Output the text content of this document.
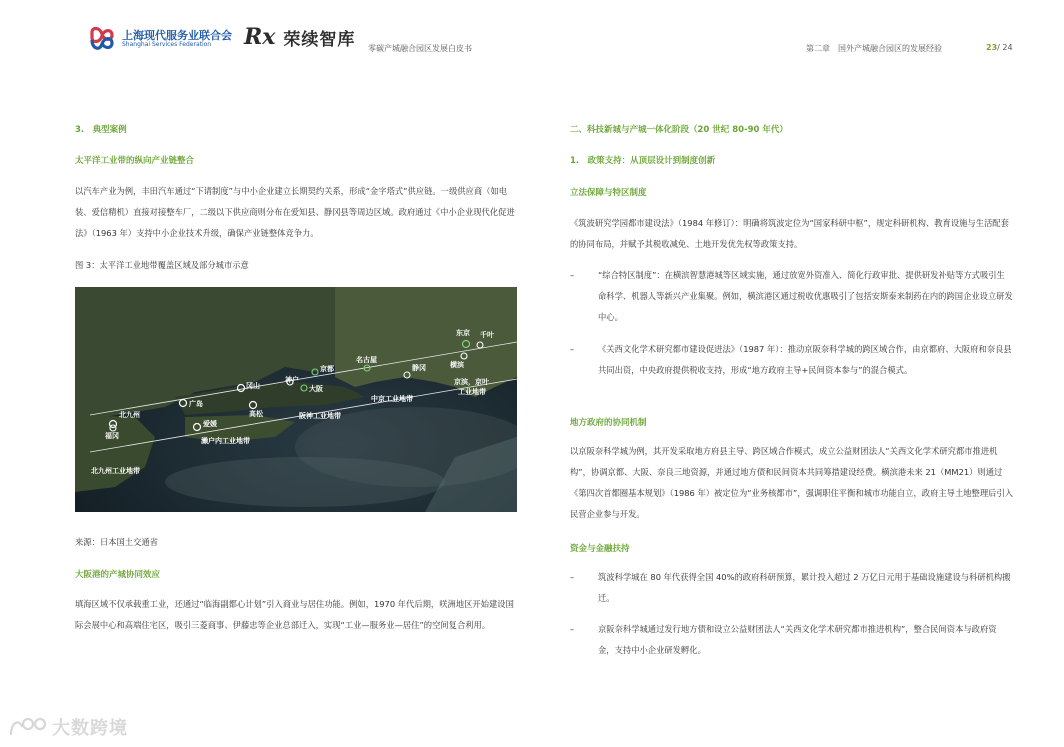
上海现代服务业联合会
Shanghai Services Federation	Rx 荣续智库 零碳产城融合园区发展白皮书	第二章　国外产城融合园区的发展经验	23/ 24

3.　典型案例

太平洋工业带的纵向产业链整合

以汽车产业为例，丰田汽车通过“下请制度”与中小企业建立长期契约关系，形成“金字塔式”供应链。一级供应商（如电装、爱信精机）直接对接整车厂，二级以下供应商则分布在爱知县、静冈县等周边区域。政府通过《中小企业现代化促进法》（1963 年）支持中小企业技术升级，确保产业链整体竞争力。

图 3：太平洋工业地带覆盖区域及部分城市示意

东京 千叶
横滨
名古屋
京都	静冈
神户
大阪
冈山
广岛
高松
爱媛
北九州
福冈
京滨，京叶
工业地带
中京工业地带
阪神工业地带
濑户内工业地带
北九州工业地带

来源：日本国土交通省

大阪港的产城协同效应

填海区域不仅承载重工业，还通过“临海副都心计划”引入商业与居住功能。例如，1970 年代后期，咲洲地区开始建设国际会展中心和高端住宅区，吸引三菱商事、伊藤忠等企业总部迁入，实现“工业—服务业—居住”的空间复合利用。

二、科技新城与产城一体化阶段（20 世纪 80-90 年代）

1.　政策支持：从顶层设计到制度创新

立法保障与特区制度

《筑波研究学园都市建设法》（1984 年修订）：明确将筑波定位为“国家科研中枢”，规定科研机构、教育设施与生活配套的协同布局，并赋予其税收减免、土地开发优先权等政策支持。

–	“综合特区制度”：在横滨智慧港城等区域实施，通过放宽外资准入、简化行政审批、提供研发补贴等方式吸引生命科学、机器人等新兴产业集聚。例如，横滨港区通过税收优惠吸引了包括安斯泰来制药在内的跨国企业设立研发中心。
–	《关西文化学术研究都市建设促进法》（1987 年）：推动京阪奈科学城的跨区域合作，由京都府、大阪府和奈良县共同出资，中央政府提供税收支持，形成“地方政府主导+民间资本参与”的混合模式。

地方政府的协同机制

以京阪奈科学城为例，其开发采取地方府县主导、跨区域合作模式，成立公益财团法人“关西文化学术研究都市推进机构”，协调京都、大阪、奈良三地资源，并通过地方债和民间资本共同筹措建设经费。横滨港未来 21（MM21）则通过《第四次首都圈基本规划》（1986 年）被定位为“业务核都市”，强调职住平衡和城市功能自立，政府主导土地整理后引入民营企业参与开发。

资金与金融扶持

–	筑波科学城在 80 年代获得全国 40%的政府科研预算，累计投入超过 2 万亿日元用于基础设施建设与科研机构搬迁。
–	京阪奈科学城通过发行地方债和设立公益财团法人“关西文化学术研究都市推进机构”，整合民间资本与政府资金，支持中小企业研发孵化。
大数跨境
